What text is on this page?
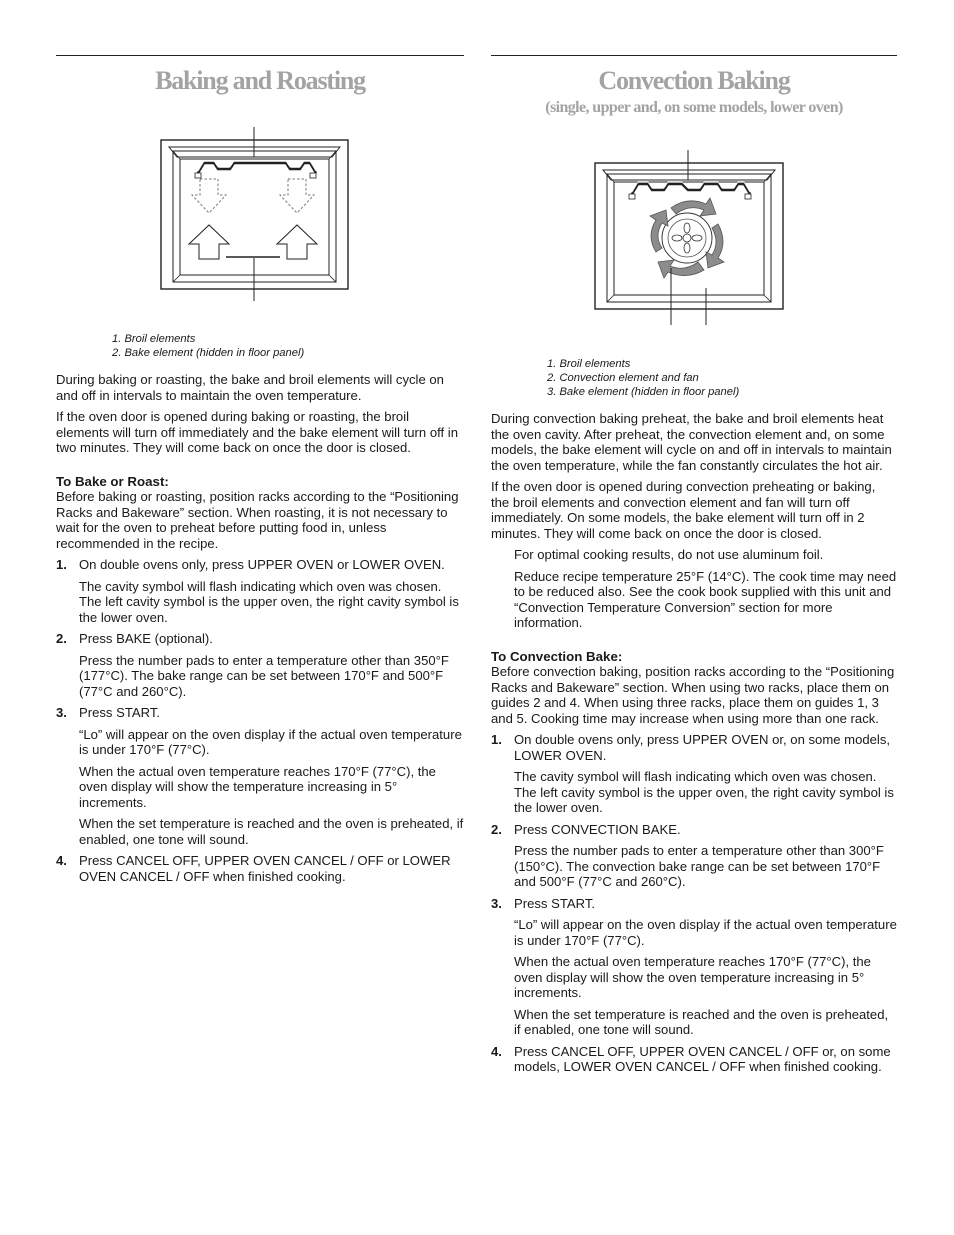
Baking and Roasting
1. Broil elements
2. Bake element (hidden in floor panel)

During baking or roasting, the bake and broil elements will cycle on and off in intervals to maintain the oven temperature.

If the oven door is opened during baking or roasting, the broil elements will turn off immediately and the bake element will turn off in two minutes. They will come back on once the door is closed.

To Bake or Roast:

Before baking or roasting, position racks according to the “Positioning Racks and Bakeware” section. When roasting, it is not necessary to wait for the oven to preheat before putting food in, unless recommended in the recipe.

1. On double ovens only, press UPPER OVEN or LOWER OVEN.

The cavity symbol will flash indicating which oven was chosen. The left cavity symbol is the upper oven, the right cavity symbol is the lower oven.

2. Press BAKE (optional).

Press the number pads to enter a temperature other than 350°F (177°C). The bake range can be set between 170°F and 500°F (77°C and 260°C).

3. Press START.

“Lo” will appear on the oven display if the actual oven temperature is under 170°F (77°C).

When the actual oven temperature reaches 170°F (77°C), the oven display will show the temperature increasing in 5° increments.

When the set temperature is reached and the oven is preheated, if enabled, one tone will sound.

4. Press CANCEL OFF, UPPER OVEN CANCEL / OFF or LOWER OVEN CANCEL / OFF when finished cooking.
Convection Baking
(single, upper and, on some models, lower oven)
1. Broil elements
2. Convection element and fan
3. Bake element (hidden in floor panel)

During convection baking preheat, the bake and broil elements heat the oven cavity. After preheat, the convection element and, on some models, the bake element will cycle on and off in intervals to maintain the oven temperature, while the fan constantly circulates the hot air.

If the oven door is opened during convection preheating or baking, the broil elements and convection element and fan will turn off immediately. On some models, the bake element will turn off in 2 minutes. They will come back on once the door is closed.

For optimal cooking results, do not use aluminum foil.

Reduce recipe temperature 25°F (14°C). The cook time may need to be reduced also. See the cook book supplied with this unit and “Convection Temperature Conversion” section for more information.

To Convection Bake:

Before convection baking, position racks according to the “Positioning Racks and Bakeware” section. When using two racks, place them on guides 2 and 4. When using three racks, place them on guides 1, 3 and 5. Cooking time may increase when using more than one rack.

1. On double ovens only, press UPPER OVEN or, on some models, LOWER OVEN.

The cavity symbol will flash indicating which oven was chosen. The left cavity symbol is the upper oven, the right cavity symbol is the lower oven.

2. Press CONVECTION BAKE.

Press the number pads to enter a temperature other than 300°F (150°C). The convection bake range can be set between 170°F and 500°F (77°C and 260°C).

3. Press START.

“Lo” will appear on the oven display if the actual oven temperature is under 170°F (77°C).

When the actual oven temperature reaches 170°F (77°C), the oven display will show the oven temperature increasing in 5° increments.

When the set temperature is reached and the oven is preheated, if enabled, one tone will sound.

4. Press CANCEL OFF, UPPER OVEN CANCEL / OFF or, on some models, LOWER OVEN CANCEL / OFF when finished cooking.
